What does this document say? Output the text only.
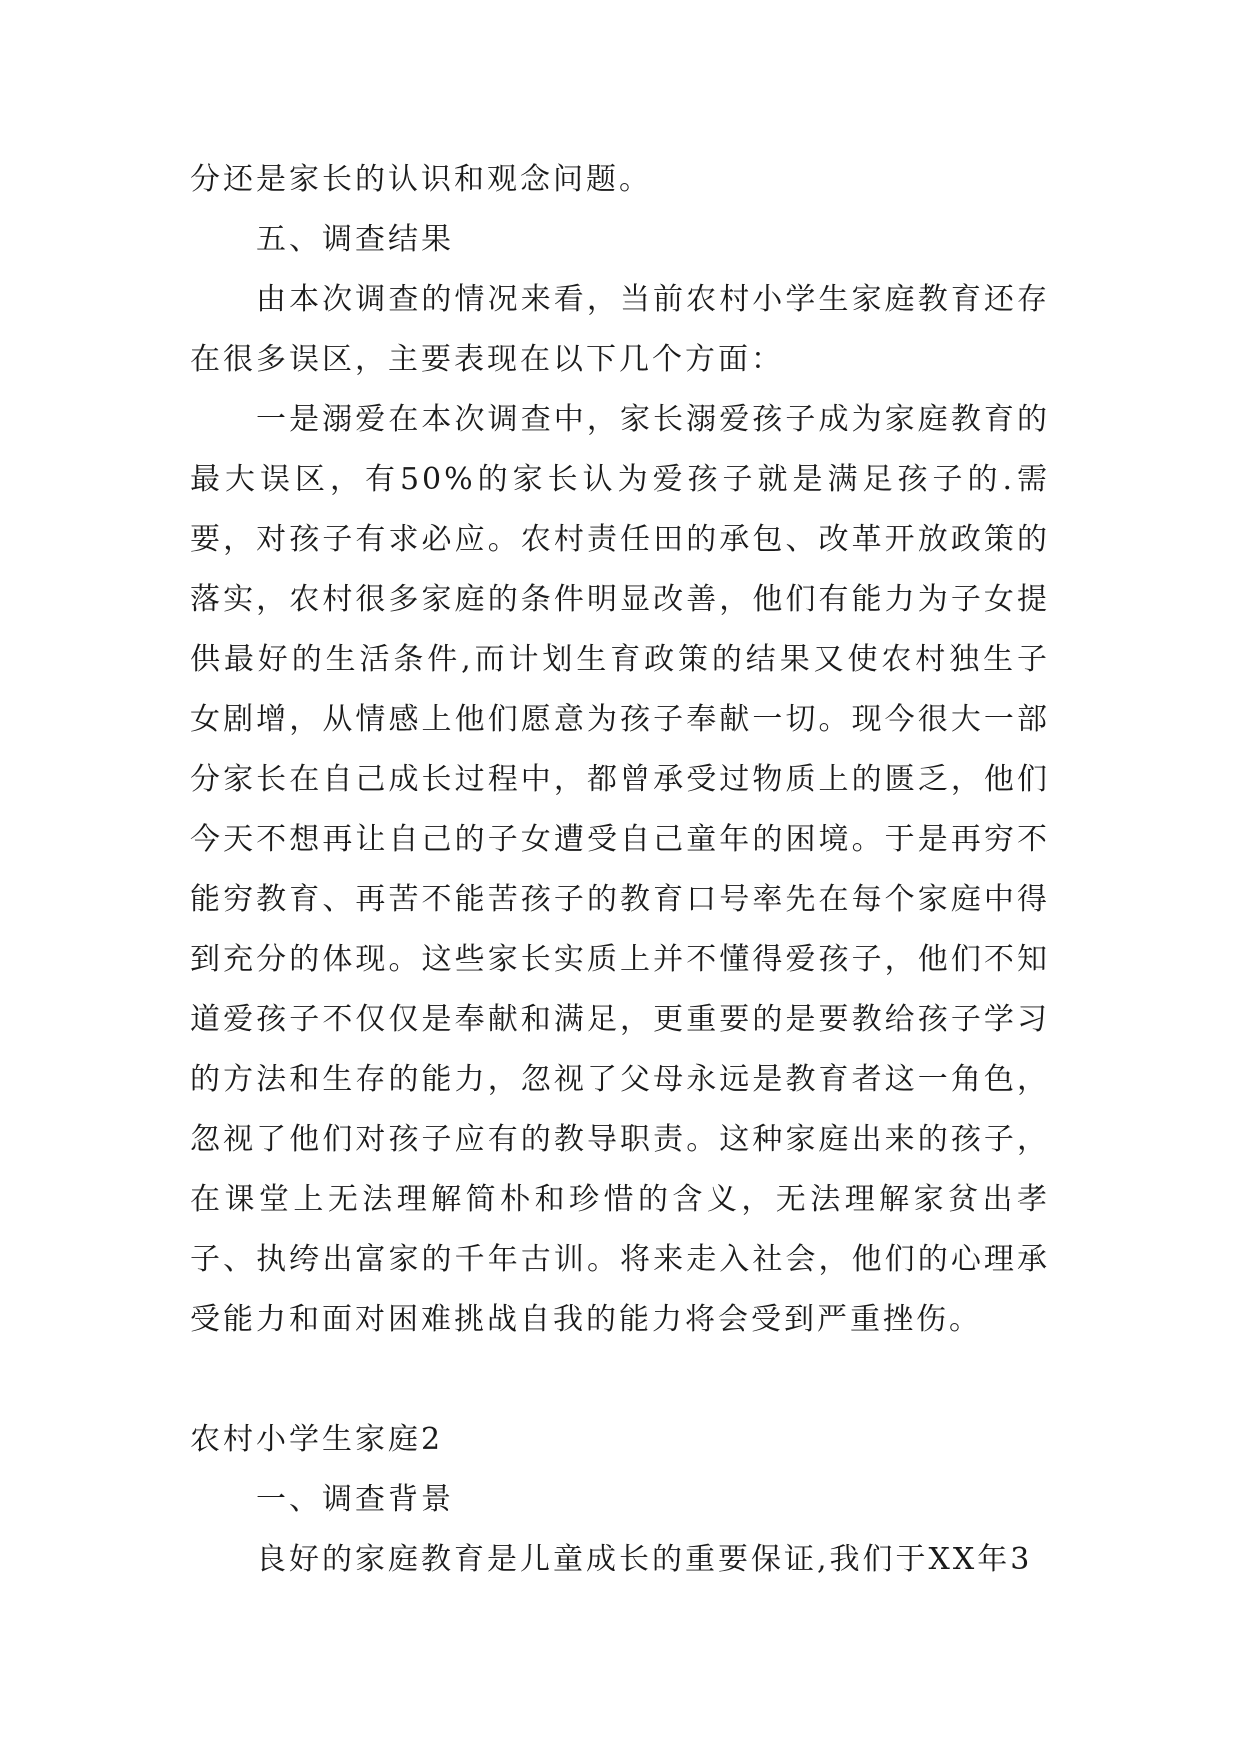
分还是家长的认识和观念问题。

五、调查结果

由本次调查的情况来看，当前农村小学生家庭教育还存在很多误区，主要表现在以下几个方面：

一是溺爱在本次调查中，家长溺爱孩子成为家庭教育的最大误区，有50%的家长认为爱孩子就是满足孩子的.需要，对孩子有求必应。农村责任田的承包、改革开放政策的落实，农村很多家庭的条件明显改善，他们有能力为子女提供最好的生活条件,而计划生育政策的结果又使农村独生子女剧增，从情感上他们愿意为孩子奉献一切。现今很大一部分家长在自己成长过程中，都曾承受过物质上的匮乏，他们今天不想再让自己的子女遭受自己童年的困境。于是再穷不能穷教育、再苦不能苦孩子的教育口号率先在每个家庭中得到充分的体现。这些家长实质上并不懂得爱孩子，他们不知道爱孩子不仅仅是奉献和满足，更重要的是要教给孩子学习的方法和生存的能力，忽视了父母永远是教育者这一角色，忽视了他们对孩子应有的教导职责。这种家庭出来的孩子，在课堂上无法理解简朴和珍惜的含义，无法理解家贫出孝子、执绔出富家的千年古训。将来走入社会，他们的心理承受能力和面对困难挑战自我的能力将会受到严重挫伤。

农村小学生家庭2

一、调查背景

良好的家庭教育是儿童成长的重要保证,我们于XX年3
